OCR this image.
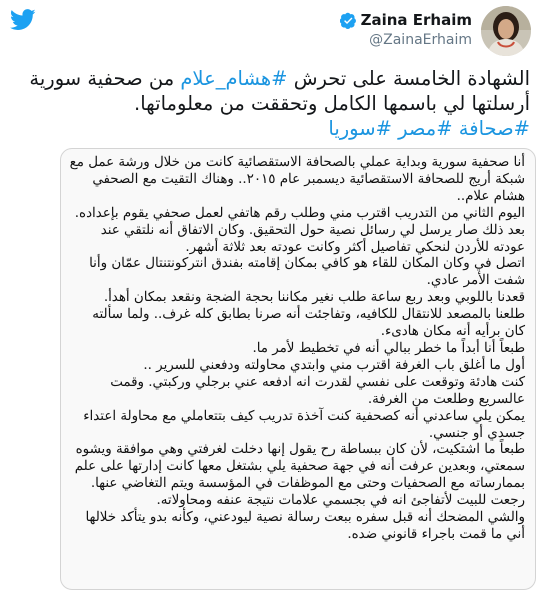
Zaina Erhaim
@ZainaErhaim
الشهادة الخامسة على تحرش #هشام_علام من صحفية سورية
أرسلتها لي باسمها الكامل وتحققت من معلوماتها.
#صحافة #مصر #سوريا

أنا صحفية سورية وبداية عملي بالصحافة الاستقصائية كانت من خلال ورشة عمل مع شبكة أريج للصحافة الاستقصائية ديسمبر عام ٢٠١٥.. وهناك التقيت مع الصحفي هشام علام..

اليوم الثاني من التدريب اقترب مني وطلب رقم هاتفي لعمل صحفي يقوم بإعداده.

بعد ذلك صار يرسل لي رسائل نصية حول التحقيق. وكان الاتفاق أنه نلتقي عند عودته للأردن لنحكي تفاصيل أكثر وكانت عودته بعد ثلاثة أشهر.

اتصل في وكان المكان للقاء هو كافي بمكان إقامته بفندق انتركونتنتال عمّان وأنا شفت الأمر عادي.

قعدنا باللوبي وبعد ربع ساعة طلب نغير مكاننا بحجة الضجة ونقعد بمكان أهدأ.

طلعنا بالمصعد للانتقال للكافيه، وتفاجئت أنه صرنا بطابق كله غرف.. ولما سألته كان برأيه أنه مكان هادىء.

طبعاً أنا أبداً ما خطر ببالي أنه في تخطيط لأمر ما.

أول ما أغلق باب الغرفة اقترب مني وابتدي محاولته ودفعني للسرير ..

كنت هادئة وتوقعت على نفسي لقدرت انه ادفعه عني برجلي وركبتي. وقمت عالسريع وطلعت من الغرفة.

يمكن يلي ساعدني أنه كصحفية كنت آخذة تدريب كيف بتتعاملي مع محاولة اعتداء جسدي أو جنسي.

طبعاً ما اشتكيت، لأن كان ببساطة رح يقول إنها دخلت لغرفتي وهي موافقة ويشوه سمعتي، وبعدين عرفت أنه في جهة صحفية يلي بشتغل معها كانت إدارتها على علم بممارساته مع الصحفيات وحتى مع الموظفات في المؤسسة ويتم التغاضي عنها.

رجعت للبيت لأتفاجئ انه في بجسمي علامات نتيجة عنفه ومحاولاته.

والشي المضحك أنه قبل سفره ببعت رسالة نصية ليودعني، وكأنه بدو يتأكد خلالها أني ما قمت باجراء قانوني ضده.
